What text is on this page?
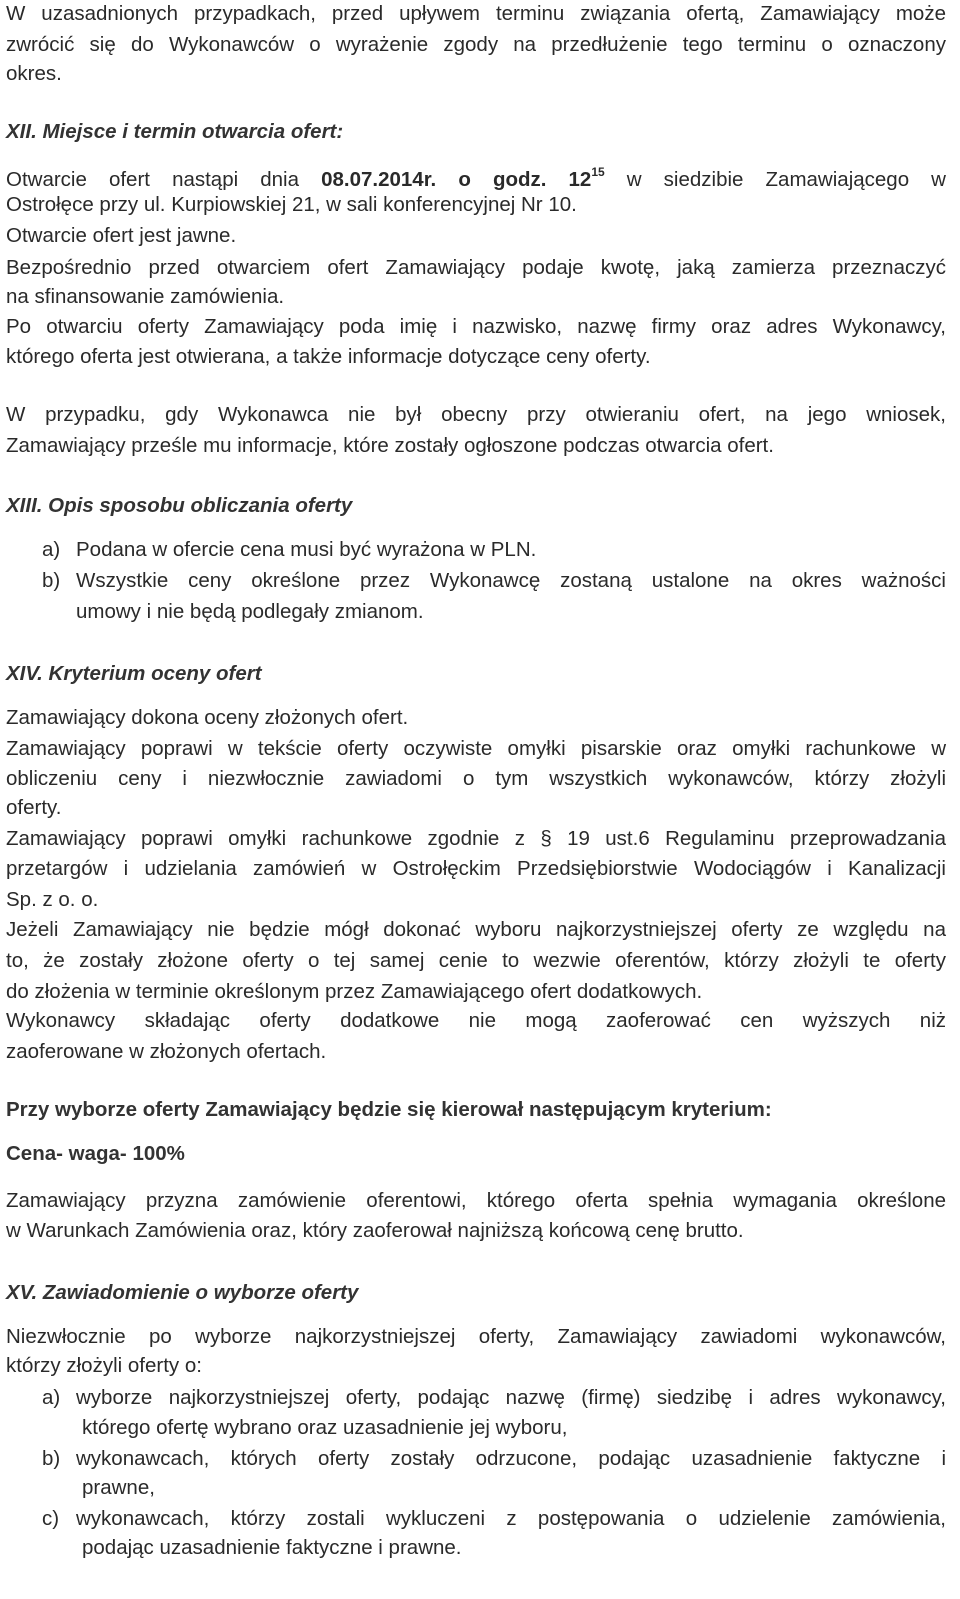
W uzasadnionych przypadkach, przed upływem terminu związania ofertą, Zamawiający może

zwrócić się do Wykonawców o wyrażenie zgody na przedłużenie tego terminu o oznaczony

okres.

XII. Miejsce i termin otwarcia ofert:

Otwarcie ofert nastąpi dnia 08.07.2014r. o godz. $12^{15}$ w siedzibie Zamawiającego w

Ostrołęce przy ul. Kurpiowskiej 21, w sali konferencyjnej Nr 10.

Otwarcie ofert jest jawne.

Bezpośrednio przed otwarciem ofert Zamawiający podaje kwotę, jaką zamierza przeznaczyć

na sfinansowanie zamówienia.

Po otwarciu oferty Zamawiający poda imię i nazwisko, nazwę firmy oraz adres Wykonawcy,

którego oferta jest otwierana, a także informacje dotyczące ceny oferty.

W przypadku, gdy Wykonawca nie był obecny przy otwieraniu ofert, na jego wniosek,

Zamawiający prześle mu informacje, które zostały ogłoszone podczas otwarcia ofert.

XIII. Opis sposobu obliczania oferty

a) Podana w ofercie cena musi być wyrażona w PLN.

b) Wszystkie ceny określone przez Wykonawcę zostaną ustalone na okres ważności

umowy i nie będą podlegały zmianom.

XIV. Kryterium oceny ofert

Zamawiający dokona oceny złożonych ofert.

Zamawiający poprawi w tekście oferty oczywiste omyłki pisarskie oraz omyłki rachunkowe w

obliczeniu ceny i niezwłocznie zawiadomi o tym wszystkich wykonawców, którzy złożyli

oferty.

Zamawiający poprawi omyłki rachunkowe zgodnie z § 19 ust.6 Regulaminu przeprowadzania

przetargów i udzielania zamówień w Ostrołęckim Przedsiębiorstwie Wodociągów i Kanalizacji

Sp. z o. o.

Jeżeli Zamawiający nie będzie mógł dokonać wyboru najkorzystniejszej oferty ze względu na

to, że zostały złożone oferty o tej samej cenie to wezwie oferentów, którzy złożyli te oferty

do złożenia w terminie określonym przez Zamawiającego ofert dodatkowych.

Wykonawcy składając oferty dodatkowe nie mogą zaoferować cen wyższych niż

zaoferowane w złożonych ofertach.

Przy wyborze oferty Zamawiający będzie się kierował następującym kryterium:

Cena- waga- 100%

Zamawiający przyzna zamówienie oferentowi, którego oferta spełnia wymagania określone

w Warunkach Zamówienia oraz, który zaoferował najniższą końcową cenę brutto.

XV. Zawiadomienie o wyborze oferty

Niezwłocznie po wyborze najkorzystniejszej oferty, Zamawiający zawiadomi wykonawców,

którzy złożyli oferty o:

a) wyborze najkorzystniejszej oferty, podając nazwę (firmę) siedzibę i adres wykonawcy,

którego ofertę wybrano oraz uzasadnienie jej wyboru,

b) wykonawcach, których oferty zostały odrzucone, podając uzasadnienie faktyczne i

prawne,

c) wykonawcach, którzy zostali wykluczeni z postępowania o udzielenie zamówienia,

podając uzasadnienie faktyczne i prawne.
